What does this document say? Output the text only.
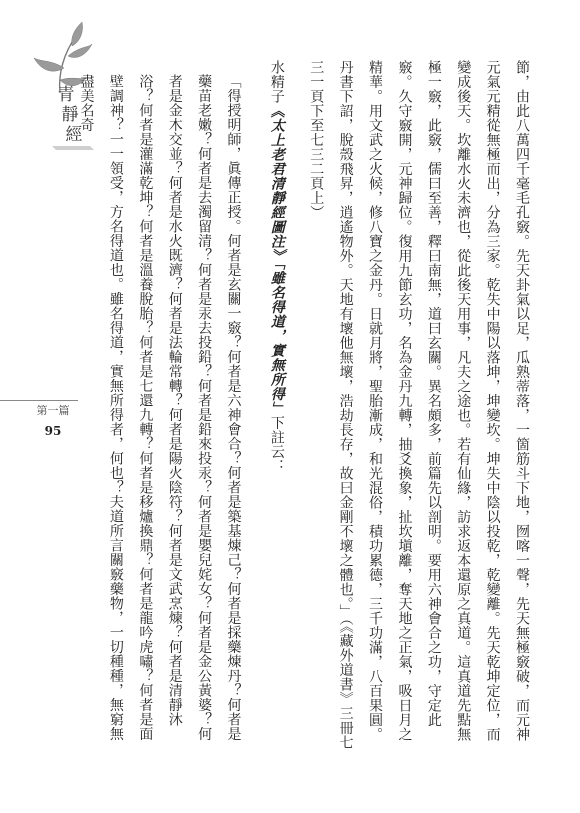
青
靜
經
第一篇
95	節，由此八萬四千毫毛孔竅。先天卦氣以足，瓜熟蒂落，一箇筋斗下地，囫喀一聲，先天無極竅破，而元神元氣元精從無極而出，分為三家。乾失中陽以落坤，坤變坎。坤失中陰以投乾，乾變離。先天乾坤定位，而變成後天。坎離水火未濟也，從此後天用事，凡夫之途也。若有仙緣，訪求返本還原之真道。這真道先點無極一竅，此竅，儒曰至善，釋曰南無，道曰玄關。異名頗多，前篇先以剖明。要用六神會合之功，守定此竅。久守竅開，元神歸位。復用九節玄功，名為金丹九轉，抽爻換象，扯坎塡離，奪天地之正氣，吸日月之精華。用文武之火候，修八寶之金丹。日就月將，聖胎漸成，和光混俗，積功累德，三千功滿，八百果圓。丹書下詔，脫殼飛昇，逍遙物外。天地有壞他無壞，浩劫長存，故曰金剛不壞之體也。」（《藏外道書》三冊七三一頁下至七三二頁上）

水精子《太上老君清靜經圖注》「雖名得道，實無所得」下註云：

「得授明師，眞傳正授。何者是玄關一竅？何者是六神會合？何者是築基煉己？何者是採藥煉丹？何者是藥苗老嫩？何者是去濁留清？何者是汞去投鉛？何者是鉛來投汞？何者是嬰兒姹女？何者是金公黃婆？何者是金木交並？何者是水火既濟？何者是法輪常轉？何者是陽火陰符？何者是文武烹煉？何者是清靜沐浴？何者是灌滿乾坤？何者是溫養脫胎？何者是七還九轉？何者是移爐換鼎？何者是龍吟虎嘯？何者是面壁調神？一一領受，方名得道也。雖名得道，實無所得者，何也？夫道所言關竅藥物，一切種種，無窮無盡美名奇
